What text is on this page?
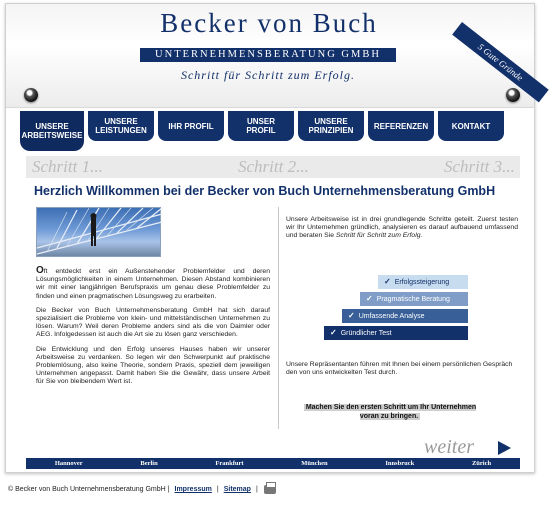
Becker von Buch
UNTERNEHMENSBERATUNG GMBH
Schritt für Schritt zum Erfolg.	5 Gute Gründe
UNSERE
ARBEITSWEISE
UNSERE
LEISTUNGEN	IHR PROFIL	UNSER PROFIL
UNSERE
PRINZIPIEN	REFERENZEN	KONTAKT
Schritt 1...	Schritt 2...	Schritt 3...
Herzlich Willkommen bei der Becker von Buch Unternehmensberatung GmbH

Oft entdeckt erst ein Außenstehender Problemfelder und deren Lösungsmöglichkeiten in einem Unternehmen. Diesen Abstand kombinieren wir mit einer langjährigen Berufspraxis um genau diese Problemfelder zu finden und einen pragmatischen Lösungsweg zu erarbeiten.

Die Becker von Buch Unternehmensberatung GmbH hat sich darauf spezialisiert die Probleme von klein- und mittelständischen Unternehmen zu lösen. Warum? Weil deren Probleme anders sind als die von Daimler oder AEG. Infolgedessen ist auch die Art sie zu lösen ganz verschieden.

Die Entwicklung und den Erfolg unseres Hauses haben wir unserer Arbeitsweise zu verdanken. So legen wir den Schwerpunkt auf praktische Problemlösung, also keine Theorie, sondern Praxis, speziell dem jeweiligen Unternehmen angepasst. Damit haben Sie die Gewähr, dass unsere Arbeit für Sie von bleibendem Wert ist.

Unsere Arbeitsweise ist in drei grundlegende Schritte geteilt. Zuerst testen wir Ihr Unternehmen gründlich, analysieren es darauf aufbauend umfassend und beraten Sie Schritt für Schritt zum Erfolg.
✓ Erfolgssteigerung
✓ Pragmatische Beratung
✓ Umfassende Analyse
✓ Gründlicher Test
Unsere Repräsentanten führen mit Ihnen bei einem persönlichen Gespräch den von uns entwickelten Test durch.
Machen Sie den ersten Schritt um Ihr Unternehmen voran zu bringen.
weiter
Hannover	Berlin	Frankfurt	München	Innsbruck	Zürich
© Becker von Buch Unternehmensberatung GmbH | Impressum | Sitemap |
